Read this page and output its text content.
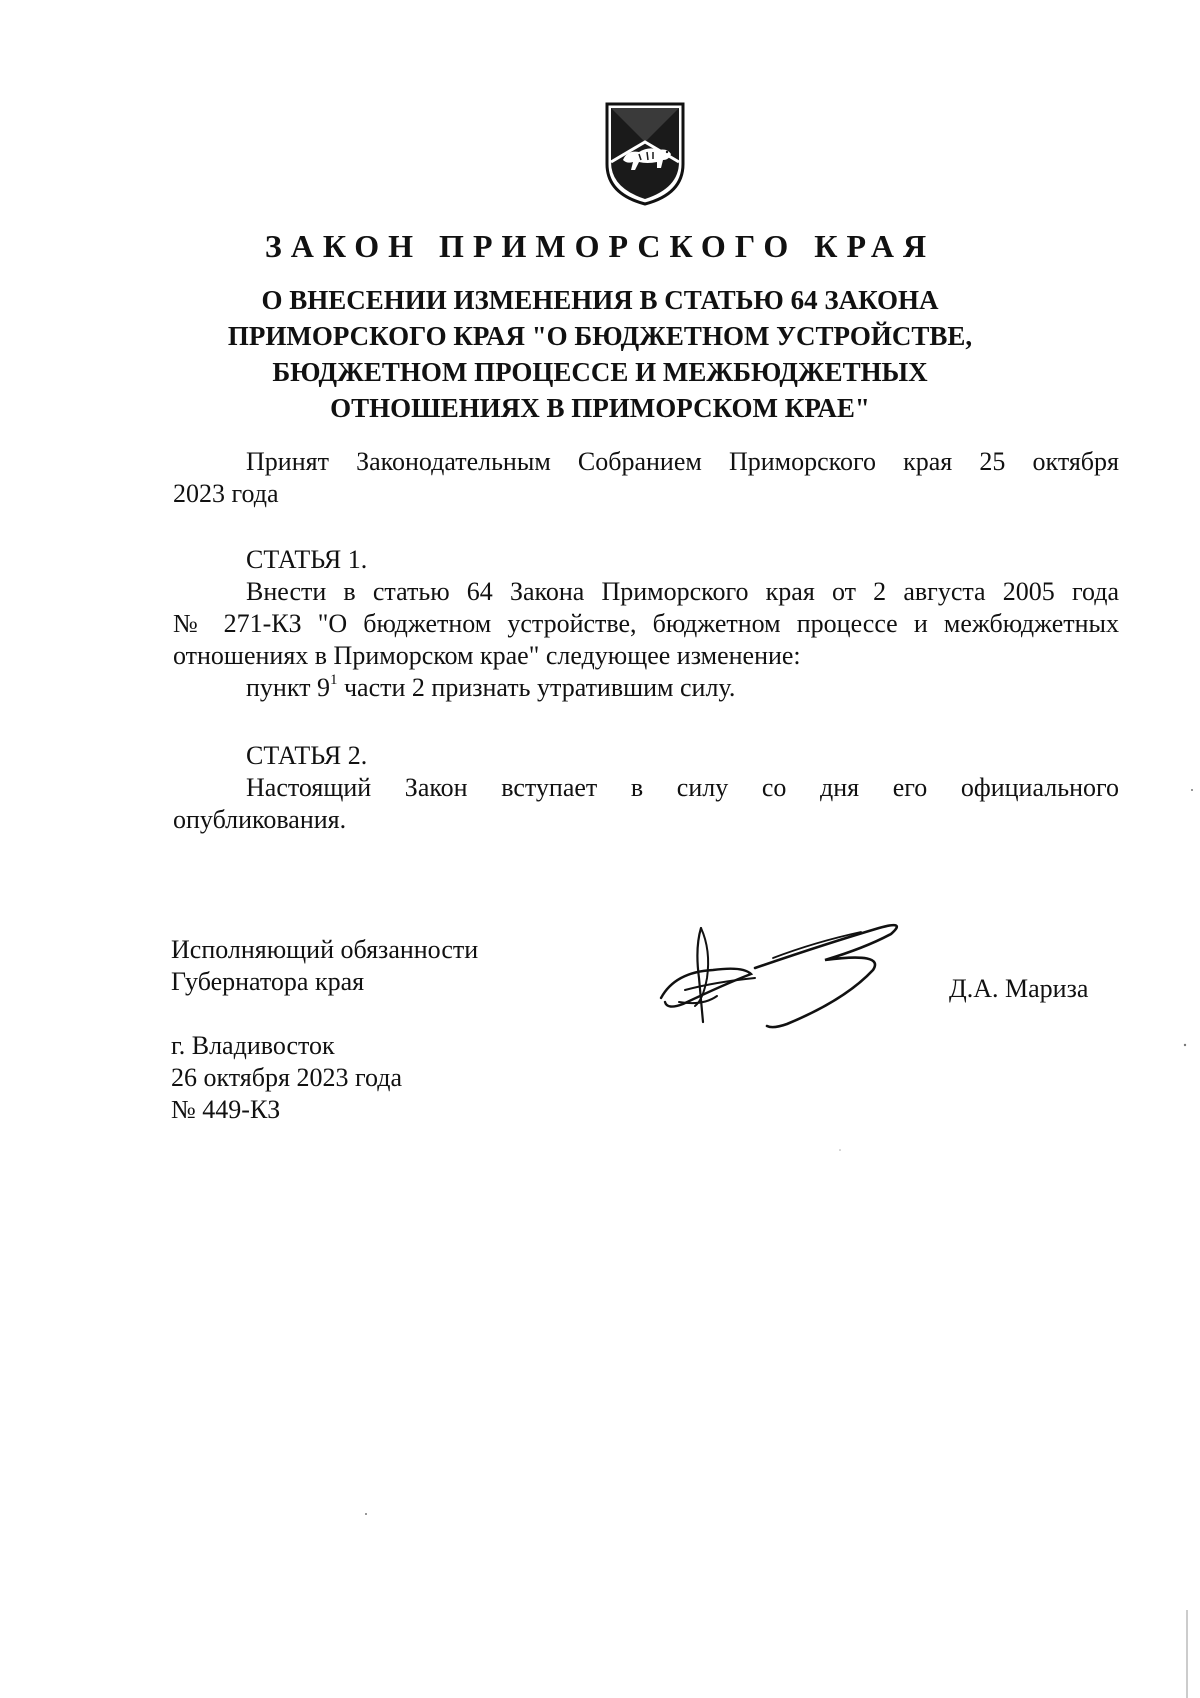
ЗАКОН ПРИМОРСКОГО КРАЯ
О ВНЕСЕНИИ ИЗМЕНЕНИЯ В СТАТЬЮ 64 ЗАКОНА
ПРИМОРСКОГО КРАЯ "О БЮДЖЕТНОМ УСТРОЙСТВЕ,
БЮДЖЕТНОМ ПРОЦЕССЕ И МЕЖБЮДЖЕТНЫХ
ОТНОШЕНИЯХ В ПРИМОРСКОМ КРАЕ"
Принят Законодательным Собранием Приморского края 25 октября
2023 года
СТАТЬЯ 1.
Внести в статью 64 Закона Приморского края от 2 августа 2005 года
№ 271-КЗ "О бюджетном устройстве, бюджетном процессе и межбюджетных
отношениях в Приморском крае" следующее изменение:
пункт $9^1$ части 2 признать утратившим силу.
СТАТЬЯ 2.
Настоящий Закон вступает в силу со дня его официального
опубликования.
Исполняющий обязанности
Губернатора края	Д.А. Мариза
г. Владивосток
26 октября 2023 года
№ 449-КЗ
